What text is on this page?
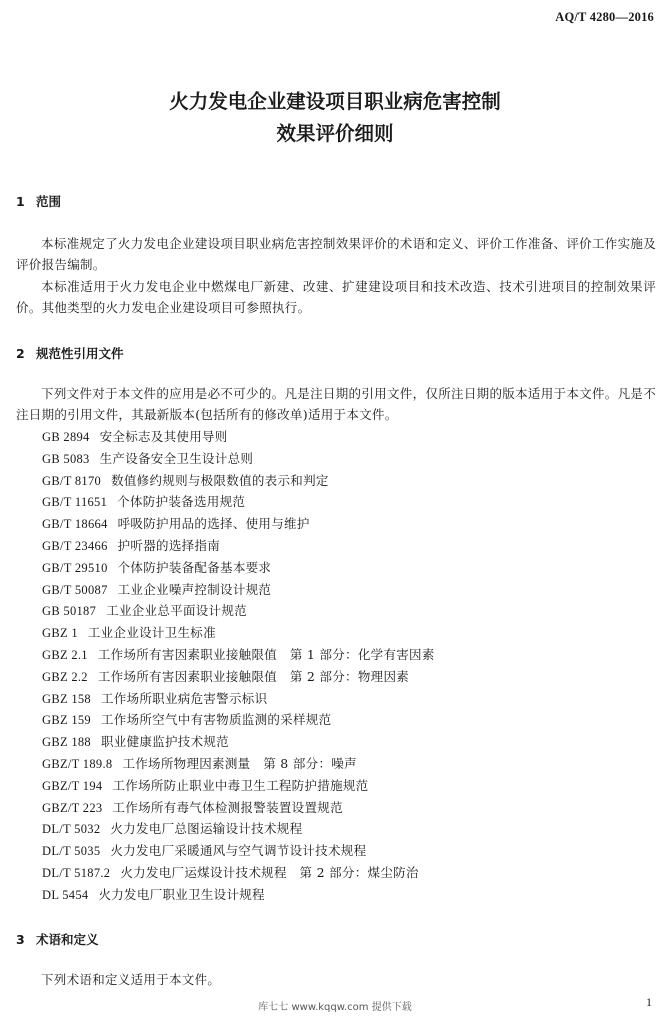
AQ/T 4280—2016
火力发电企业建设项目职业病危害控制
效果评价细则
1 范围
本标准规定了火力发电企业建设项目职业病危害控制效果评价的术语和定义、评价工作准备、评价工作实施及评价报告编制。
本标准适用于火力发电企业中燃煤电厂新建、改建、扩建建设项目和技术改造、技术引进项目的控制效果评价。其他类型的火力发电企业建设项目可参照执行。
2 规范性引用文件
下列文件对于本文件的应用是必不可少的。凡是注日期的引用文件，仅所注日期的版本适用于本文件。凡是不注日期的引用文件，其最新版本(包括所有的修改单)适用于本文件。
GB 2894 安全标志及其使用导则
GB 5083 生产设备安全卫生设计总则
GB/T 8170 数值修约规则与极限数值的表示和判定
GB/T 11651 个体防护装备选用规范
GB/T 18664 呼吸防护用品的选择、使用与维护
GB/T 23466 护听器的选择指南
GB/T 29510 个体防护装备配备基本要求
GB/T 50087 工业企业噪声控制设计规范
GB 50187 工业企业总平面设计规范
GBZ 1 工业企业设计卫生标准
GBZ 2.1 工作场所有害因素职业接触限值　第 1 部分：化学有害因素
GBZ 2.2 工作场所有害因素职业接触限值　第 2 部分：物理因素
GBZ 158 工作场所职业病危害警示标识
GBZ 159 工作场所空气中有害物质监测的采样规范
GBZ 188 职业健康监护技术规范
GBZ/T 189.8 工作场所物理因素测量　第 8 部分：噪声
GBZ/T 194 工作场所防止职业中毒卫生工程防护措施规范
GBZ/T 223 工作场所有毒气体检测报警装置设置规范
DL/T 5032 火力发电厂总图运输设计技术规程
DL/T 5035 火力发电厂采暖通风与空气调节设计技术规程
DL/T 5187.2 火力发电厂运煤设计技术规程　第 2 部分：煤尘防治
DL 5454 火力发电厂职业卫生设计规程
3 术语和定义
下列术语和定义适用于本文件。
库七七 www.kqqw.com 提供下载	1
